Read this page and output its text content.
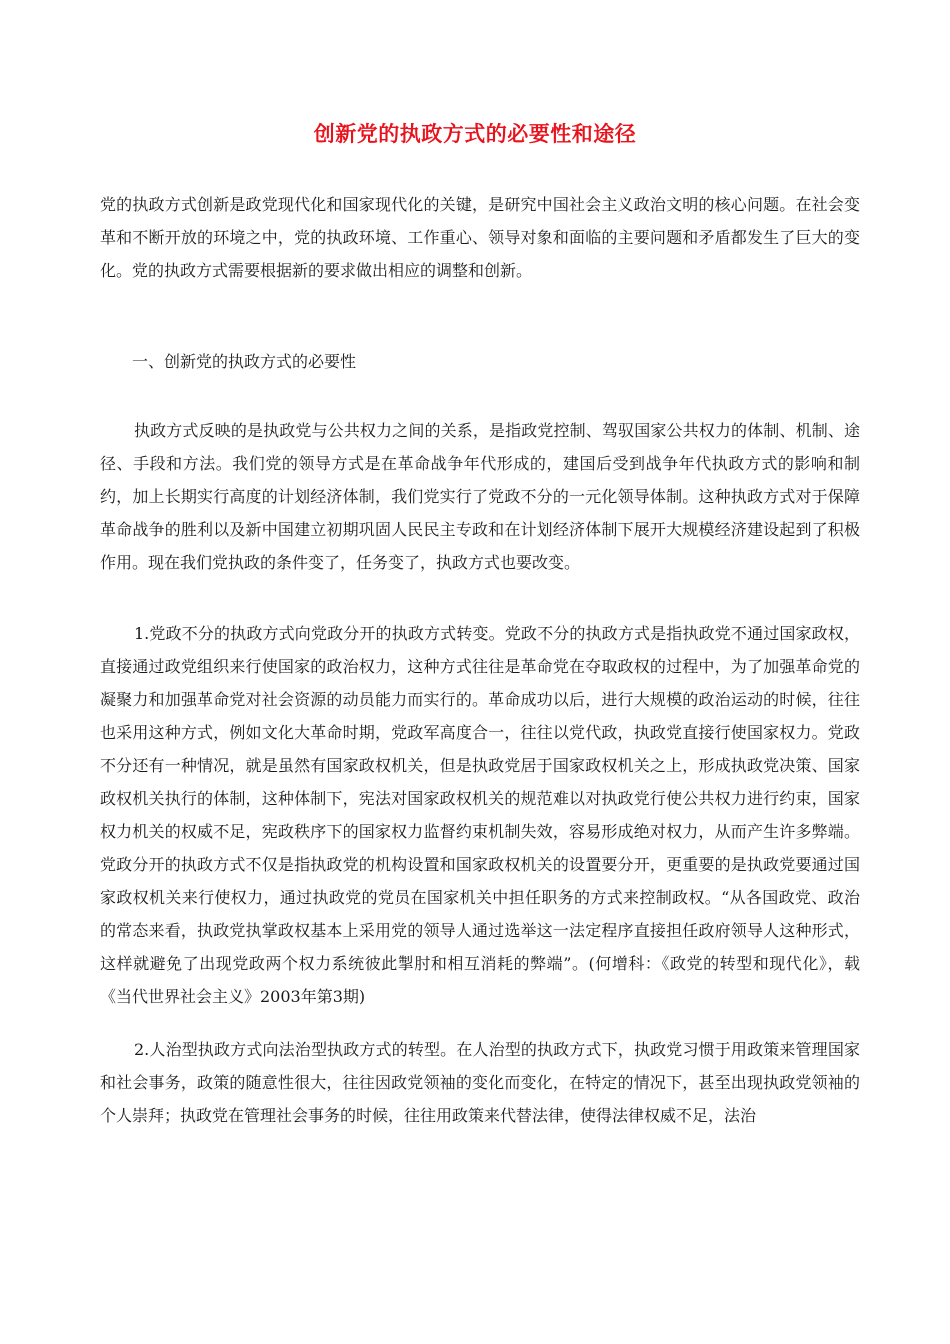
创新党的执政方式的必要性和途径

党的执政方式创新是政党现代化和国家现代化的关键，是研究中国社会主义政治文明的核心问题。在社会变革和不断开放的环境之中，党的执政环境、工作重心、领导对象和面临的主要问题和矛盾都发生了巨大的变化。党的执政方式需要根据新的要求做出相应的调整和创新。

一、创新党的执政方式的必要性

执政方式反映的是执政党与公共权力之间的关系，是指政党控制、驾驭国家公共权力的体制、机制、途径、手段和方法。我们党的领导方式是在革命战争年代形成的，建国后受到战争年代执政方式的影响和制约，加上长期实行高度的计划经济体制，我们党实行了党政不分的一元化领导体制。这种执政方式对于保障革命战争的胜利以及新中国建立初期巩固人民民主专政和在计划经济体制下展开大规模经济建设起到了积极作用。现在我们党执政的条件变了，任务变了，执政方式也要改变。

1.党政不分的执政方式向党政分开的执政方式转变。党政不分的执政方式是指执政党不通过国家政权，直接通过政党组织来行使国家的政治权力，这种方式往往是革命党在夺取政权的过程中，为了加强革命党的凝聚力和加强革命党对社会资源的动员能力而实行的。革命成功以后，进行大规模的政治运动的时候，往往也采用这种方式，例如文化大革命时期，党政军高度合一，往往以党代政，执政党直接行使国家权力。党政不分还有一种情况，就是虽然有国家政权机关，但是执政党居于国家政权机关之上，形成执政党决策、国家政权机关执行的体制，这种体制下，宪法对国家政权机关的规范难以对执政党行使公共权力进行约束，国家权力机关的权威不足，宪政秩序下的国家权力监督约束机制失效，容易形成绝对权力，从而产生许多弊端。党政分开的执政方式不仅是指执政党的机构设置和国家政权机关的设置要分开，更重要的是执政党要通过国家政权机关来行使权力，通过执政党的党员在国家机关中担任职务的方式来控制政权。“从各国政党、政治的常态来看，执政党执掌政权基本上采用党的领导人通过选举这一法定程序直接担任政府领导人这种形式，这样就避免了出现党政两个权力系统彼此掣肘和相互消耗的弊端”。(何增科：《政党的转型和现代化》，载《当代世界社会主义》2003年第3期)

2.人治型执政方式向法治型执政方式的转型。在人治型的执政方式下，执政党习惯于用政策来管理国家和社会事务，政策的随意性很大，往往因政党领袖的变化而变化，在特定的情况下，甚至出现执政党领袖的个人崇拜；执政党在管理社会事务的时候，往往用政策来代替法律，使得法律权威不足，法治
